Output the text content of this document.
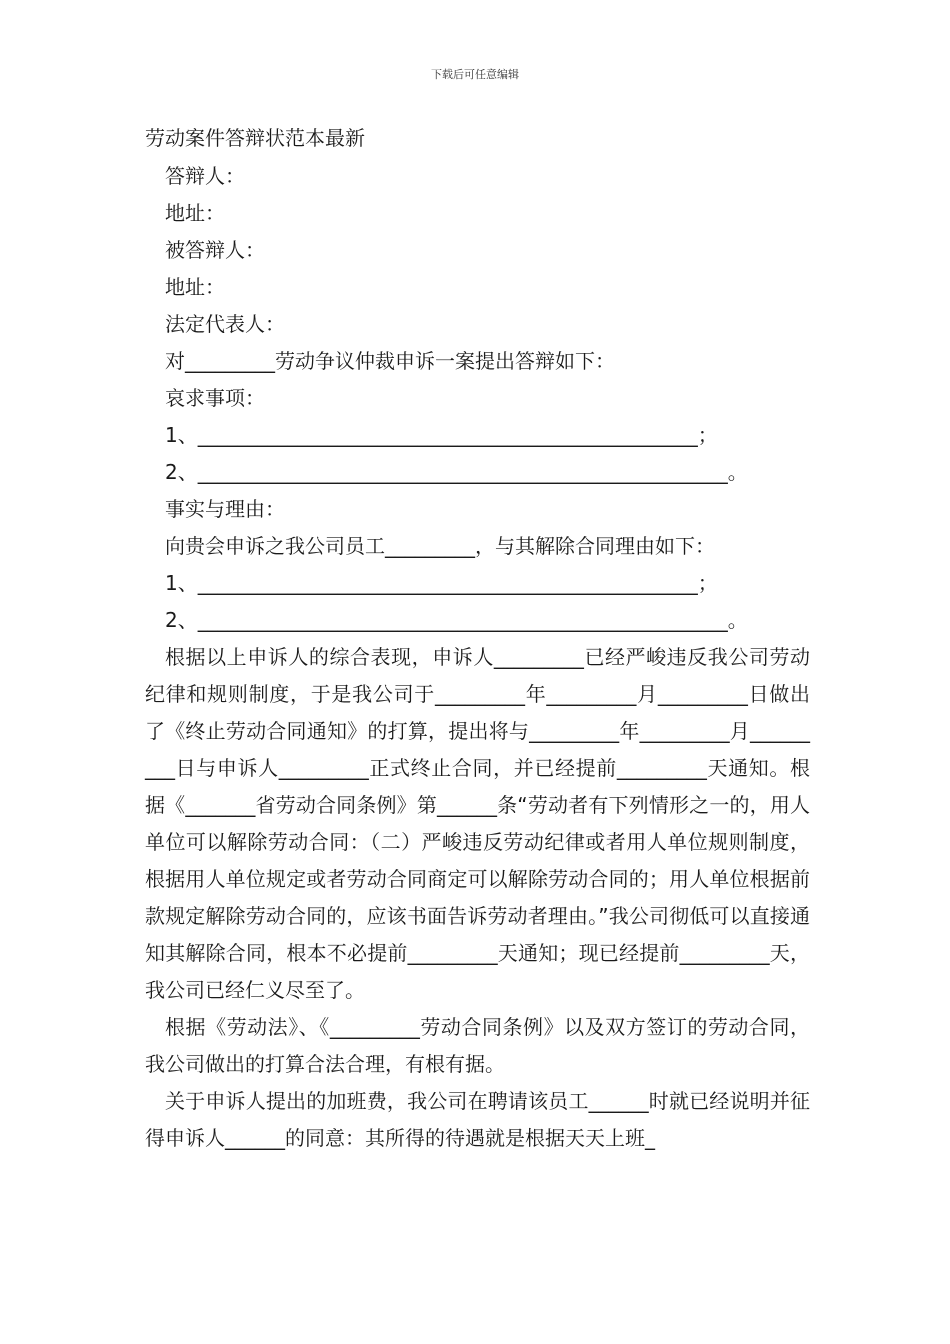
下载后可任意编辑
劳动案件答辩状范本最新
答辩人：
地址：
被答辩人：
地址：
法定代表人：
对_________劳动争议仲裁申诉一案提出答辩如下：
哀求事项：
1、__________________________________________________；
2、_____________________________________________________。
事实与理由：
向贵会申诉之我公司员工_________，与其解除合同理由如下：
1、__________________________________________________；
2、_____________________________________________________。

根据以上申诉人的综合表现，申诉人_________已经严峻违反我公司劳动纪律和规则制度，于是我公司于_________年_________月_________日做出了《终止劳动合同通知》的打算，提出将与_________年_________月_________日与申诉人_________正式终止合同，并已经提前_________天通知。根据《_______省劳动合同条例》第______条“劳动者有下列情形之一的，用人单位可以解除劳动合同：（二）严峻违反劳动纪律或者用人单位规则制度，根据用人单位规定或者劳动合同商定可以解除劳动合同的；用人单位根据前款规定解除劳动合同的，应该书面告诉劳动者理由。”我公司彻低可以直接通知其解除合同，根本不必提前_________天通知；现已经提前_________天，我公司已经仁义尽至了。

根据《劳动法》、《_________劳动合同条例》以及双方签订的劳动合同，我公司做出的打算合法合理，有根有据。

关于申诉人提出的加班费，我公司在聘请该员工______时就已经说明并征得申诉人______的同意：其所得的待遇就是根据天天上班_
